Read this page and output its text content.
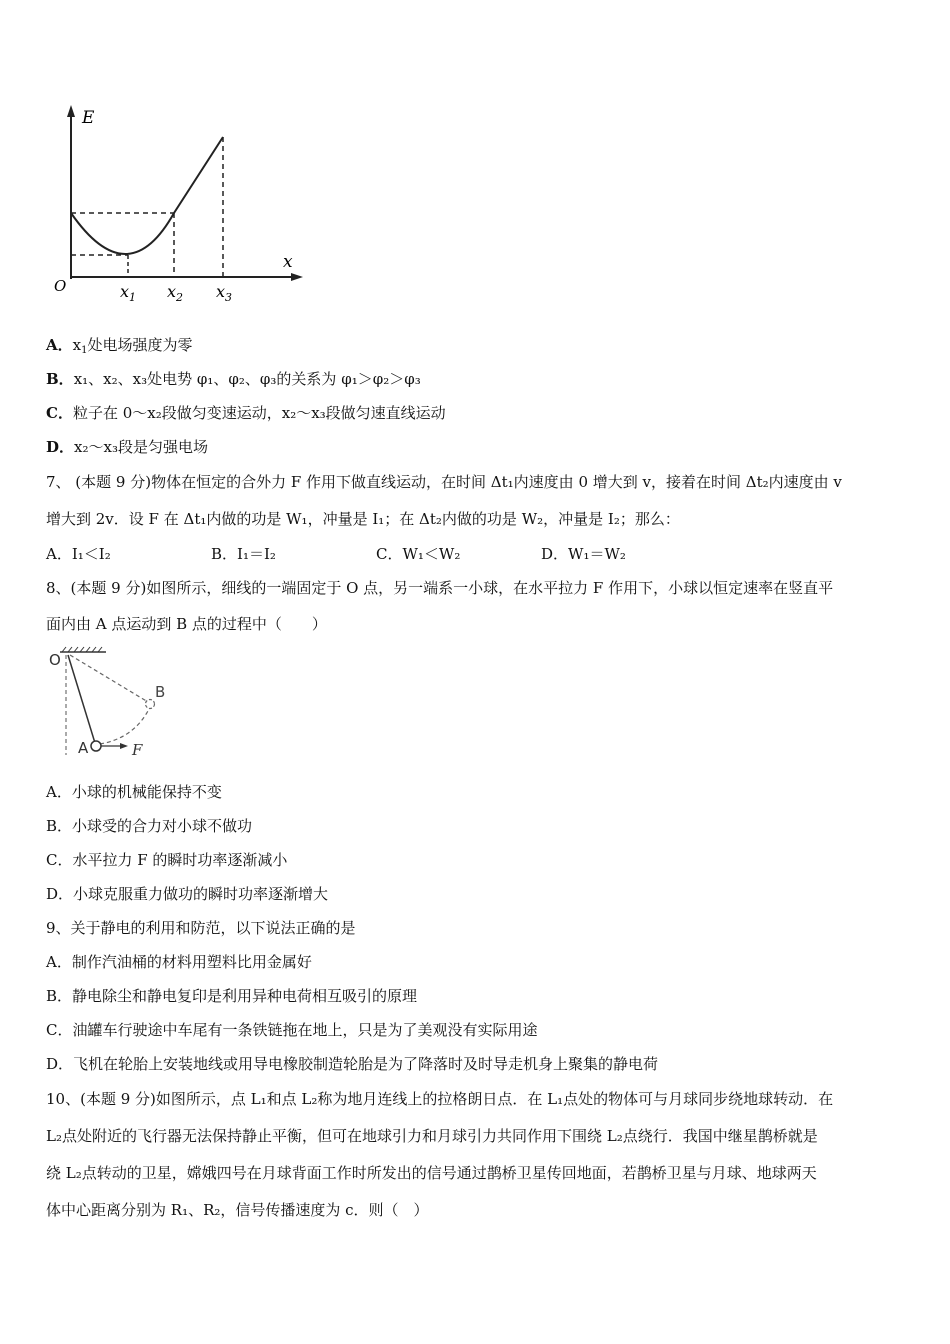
E
x
O	$x_1$ $x_2$ $x_3$
A．$x_1$处电场强度为零
B．x₁、x₂、x₃处电势 φ₁、φ₂、φ₃的关系为 φ₁＞φ₂＞φ₃
C．粒子在 0～x₂段做匀变速运动，x₂～x₃段做匀速直线运动
D．x₂～x₃段是匀强电场
7、 (本题 9 分)物体在恒定的合外力 F 作用下做直线运动，在时间 Δt₁内速度由 0 增大到 v，接着在时间 Δt₂内速度由 v
增大到 2v．设 F 在 Δt₁内做的功是 W₁，冲量是 I₁；在 Δt₂内做的功是 W₂，冲量是 I₂；那么：
A．I₁＜I₂	B．I₁＝I₂	C．W₁＜W₂	D．W₁＝W₂
8、(本题 9 分)如图所示，细线的一端固定于 O 点，另一端系一小球，在水平拉力 F 作用下，小球以恒定速率在竖直平
面内由 A 点运动到 B 点的过程中（　　）
O
A
B
F
A．小球的机械能保持不变
B．小球受的合力对小球不做功
C．水平拉力 F 的瞬时功率逐渐减小
D．小球克服重力做功的瞬时功率逐渐增大
9、关于静电的利用和防范，以下说法正确的是
A．制作汽油桶的材料用塑料比用金属好
B．静电除尘和静电复印是利用异种电荷相互吸引的原理
C．油罐车行驶途中车尾有一条铁链拖在地上，只是为了美观没有实际用途
D．飞机在轮胎上安装地线或用导电橡胶制造轮胎是为了降落时及时导走机身上聚集的静电荷
10、(本题 9 分)如图所示，点 L₁和点 L₂称为地月连线上的拉格朗日点．在 L₁点处的物体可与月球同步绕地球转动．在
L₂点处附近的飞行器无法保持静止平衡，但可在地球引力和月球引力共同作用下围绕 L₂点绕行．我国中继星鹊桥就是
绕 L₂点转动的卫星，嫦娥四号在月球背面工作时所发出的信号通过鹊桥卫星传回地面，若鹊桥卫星与月球、地球两天
体中心距离分别为 R₁、R₂，信号传播速度为 c．则（　）
